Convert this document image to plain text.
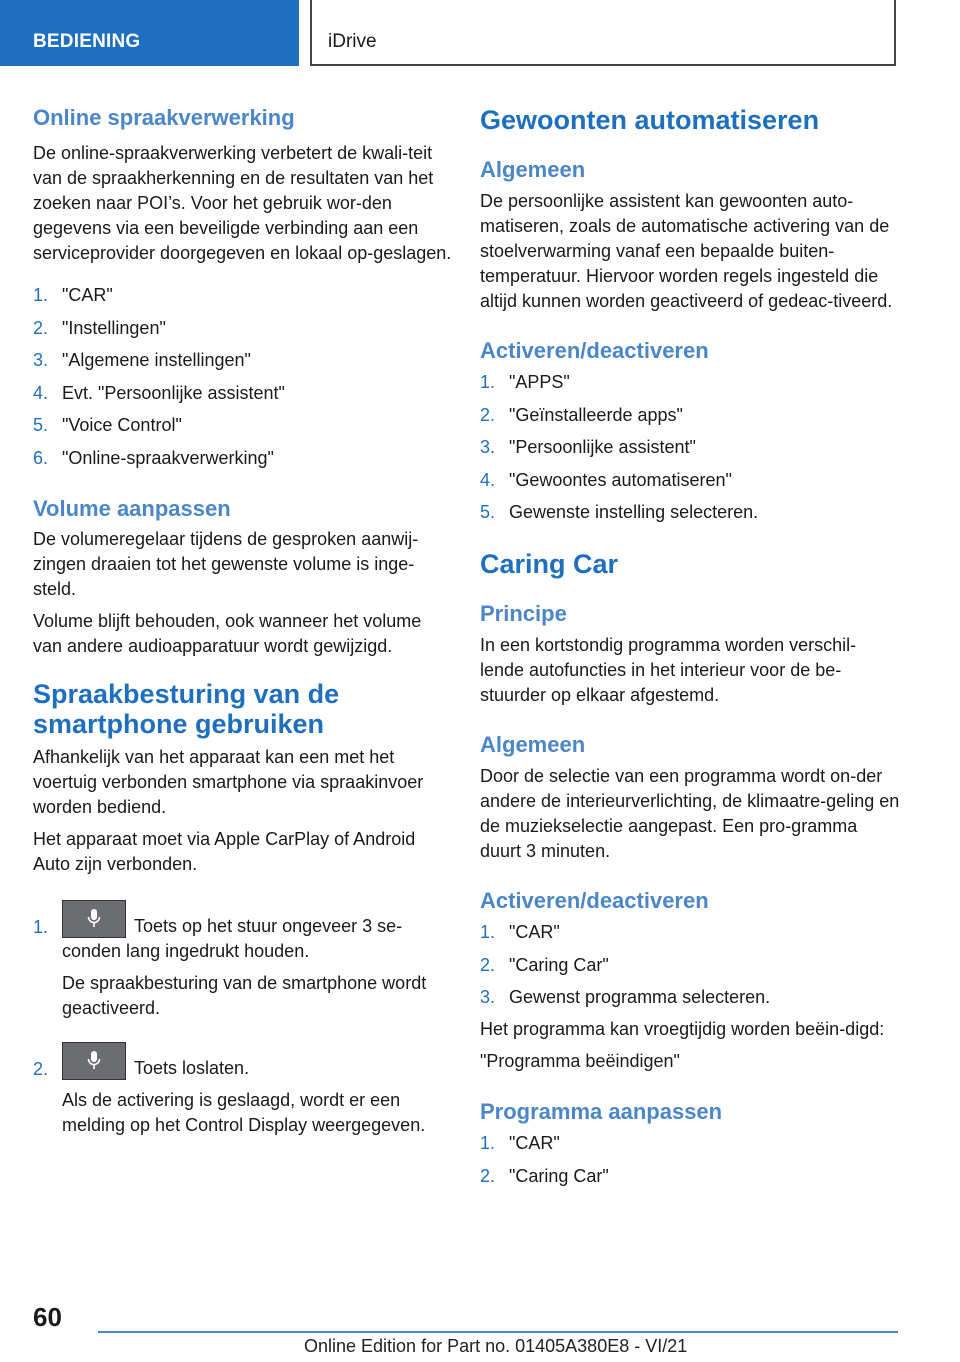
BEDIENING	iDrive
Online spraakverwerking

De online-spraakverwerking verbetert de kwali-teit van de spraakherkenning en de resultaten van het zoeken naar POI’s. Voor het gebruik wor-den gegevens via een beveiligde verbinding aan een serviceprovider doorgegeven en lokaal op-geslagen.

1. "CAR"
2. "Instellingen"
3. "Algemene instellingen"
4. Evt. "Persoonlijke assistent"
5. "Voice Control"
6. "Online-spraakverwerking"
Volume aanpassen

De volumeregelaar tijdens de gesproken aanwij-zingen draaien tot het gewenste volume is inge-steld.

Volume blijft behouden, ook wanneer het volume van andere audioapparatuur wordt gewijzigd.

Spraakbesturing van de smartphone gebruiken

Afhankelijk van het apparaat kan een met het voertuig verbonden smartphone via spraakinvoer worden bediend.

Het apparaat moet via Apple CarPlay of Android Auto zijn verbonden.

1.	Toets op het stuur ongeveer 3 se-conden lang ingedrukt houden.

De spraakbesturing van de smartphone wordt geactiveerd.

2.	Toets loslaten.

Als de activering is geslaagd, wordt er een melding op het Control Display weergegeven.

Gewoonten automatiseren
Algemeen

De persoonlijke assistent kan gewoonten auto-matiseren, zoals de automatische activering van de stoelverwarming vanaf een bepaalde buiten-temperatuur. Hiervoor worden regels ingesteld die altijd kunnen worden geactiveerd of gedeac-tiveerd.

Activeren/deactiveren
1. "APPS"
2. "Geïnstalleerde apps"
3. "Persoonlijke assistent"
4. "Gewoontes automatiseren"
5. Gewenste instelling selecteren.
Caring Car
Principe

In een kortstondig programma worden verschil-lende autofuncties in het interieur voor de be-stuurder op elkaar afgestemd.

Algemeen

Door de selectie van een programma wordt on-der andere de interieurverlichting, de klimaatre-geling en de muziekselectie aangepast. Een pro-gramma duurt 3 minuten.

Activeren/deactiveren
1. "CAR"
2. "Caring Car"
3. Gewenst programma selecteren.

Het programma kan vroegtijdig worden beëin-digd:

"Programma beëindigen"

Programma aanpassen
1. "CAR"
2. "Caring Car"
60
Online Edition for Part no. 01405A380E8 - VI/21
